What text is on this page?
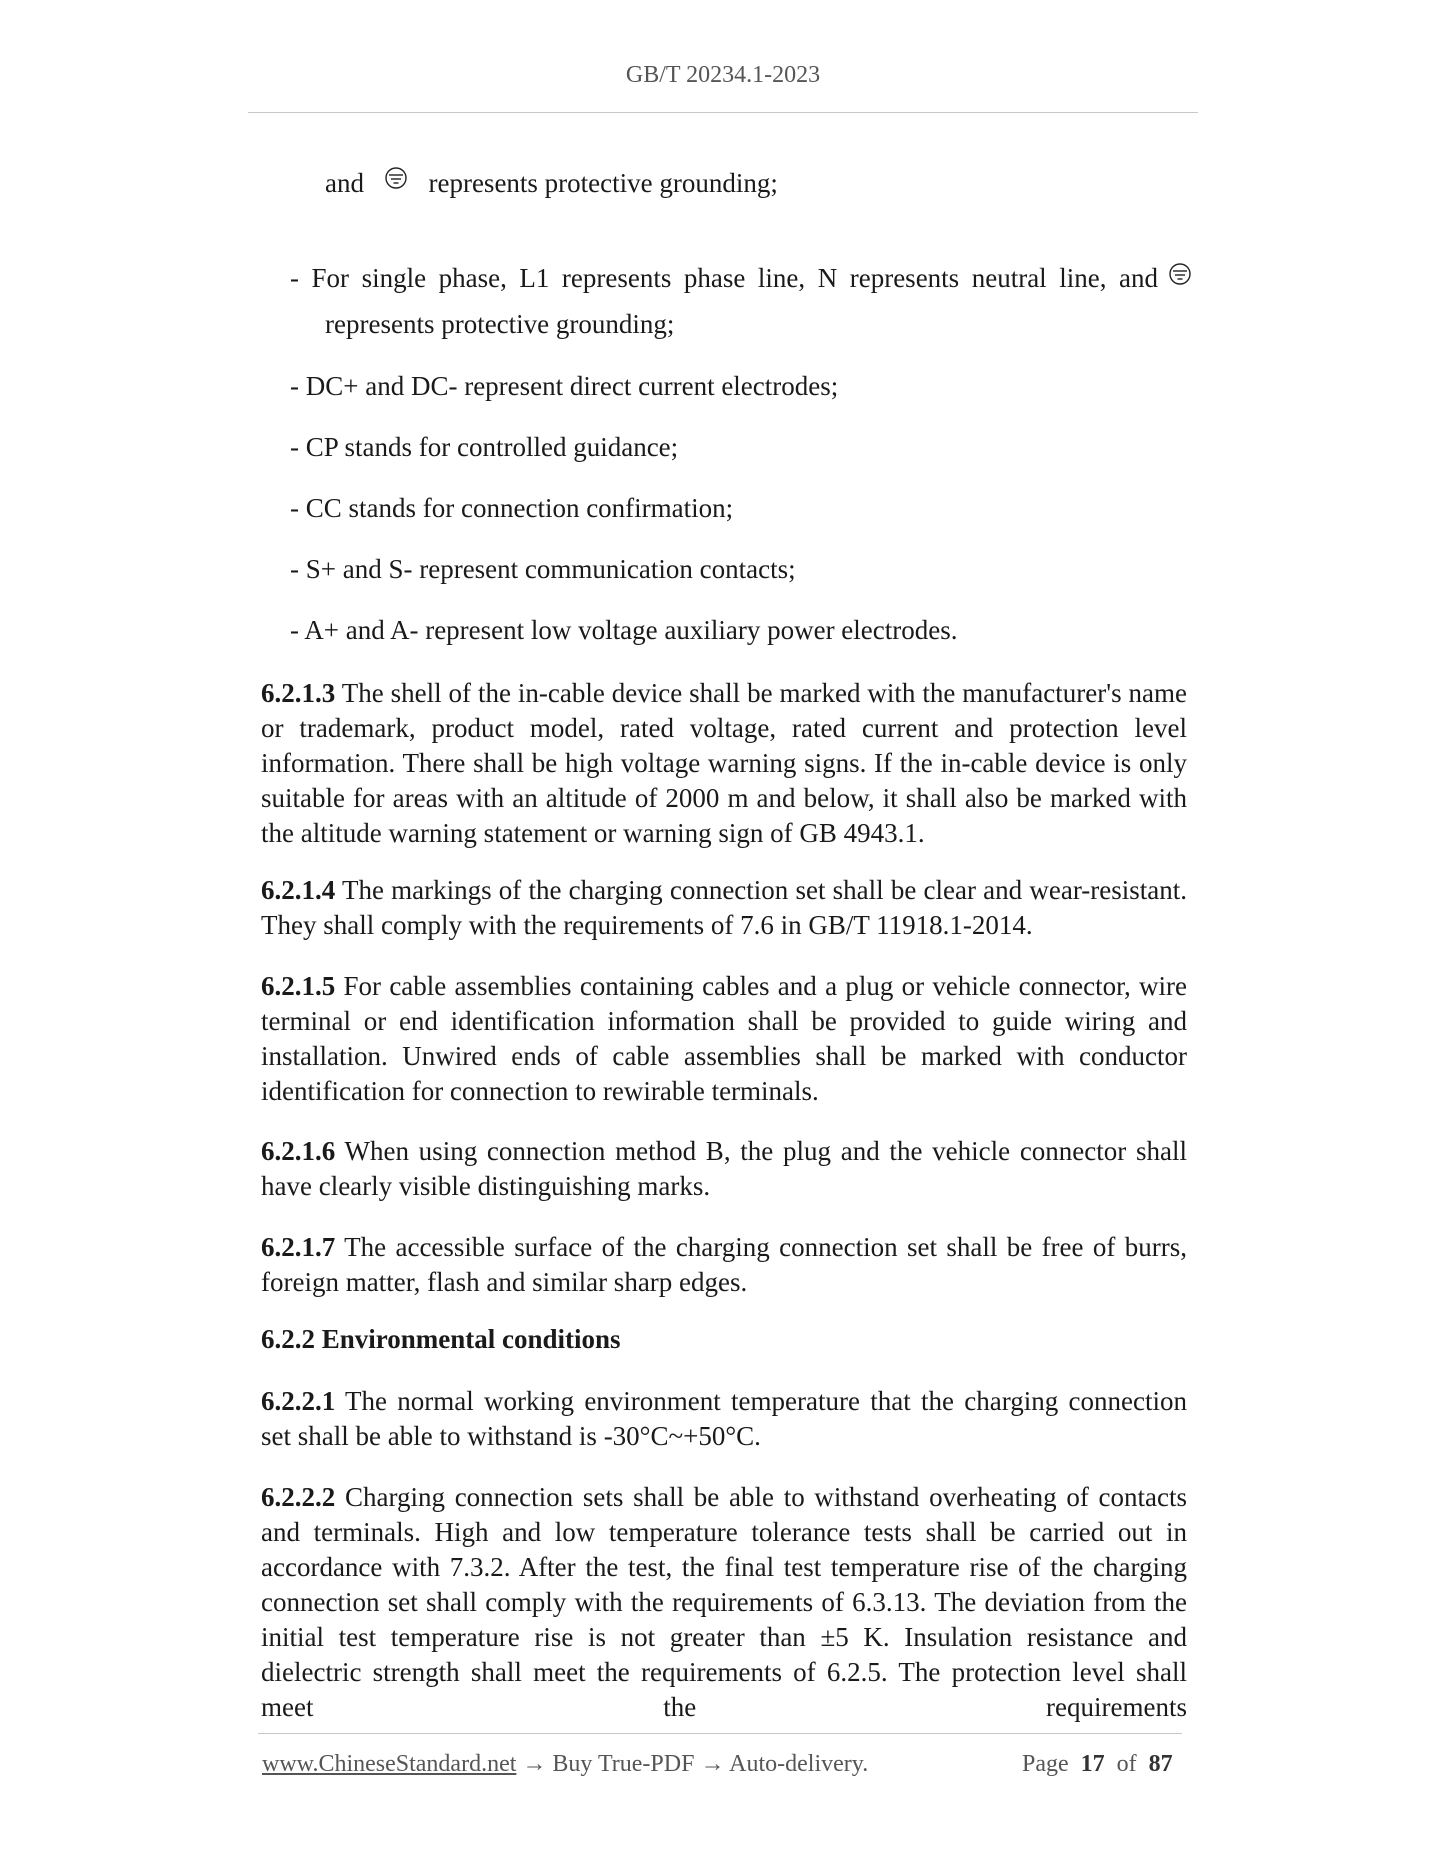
GB/T 20234.1-2023

and represents protective grounding;

- For single phase, L1 represents phase line, N represents neutral line, and

represents protective grounding;

- DC+ and DC- represent direct current electrodes;

- CP stands for controlled guidance;

- CC stands for connection confirmation;

- S+ and S- represent communication contacts;

- A+ and A- represent low voltage auxiliary power electrodes.

6.2.1.3 The shell of the in-cable device shall be marked with the manufacturer's name or trademark, product model, rated voltage, rated current and protection level information. There shall be high voltage warning signs. If the in-cable device is only suitable for areas with an altitude of 2000 m and below, it shall also be marked with the altitude warning statement or warning sign of GB 4943.1.

6.2.1.4 The markings of the charging connection set shall be clear and wear-resistant. They shall comply with the requirements of 7.6 in GB/T 11918.1-2014.

6.2.1.5 For cable assemblies containing cables and a plug or vehicle connector, wire terminal or end identification information shall be provided to guide wiring and installation. Unwired ends of cable assemblies shall be marked with conductor identification for connection to rewirable terminals.

6.2.1.6 When using connection method B, the plug and the vehicle connector shall have clearly visible distinguishing marks.

6.2.1.7 The accessible surface of the charging connection set shall be free of burrs, foreign matter, flash and similar sharp edges.

6.2.2 Environmental conditions

6.2.2.1 The normal working environment temperature that the charging connection set shall be able to withstand is -30°C~+50°C.

6.2.2.2 Charging connection sets shall be able to withstand overheating of contacts and terminals. High and low temperature tolerance tests shall be carried out in accordance with 7.3.2. After the test, the final test temperature rise of the charging connection set shall comply with the requirements of 6.3.13. The deviation from the initial test temperature rise is not greater than ±5 K. Insulation resistance and dielectric strength shall meet the requirements of 6.2.5. The protection level shall meet the requirements

www.ChineseStandard.net → Buy True-PDF → Auto-delivery.	Page 17 of 87
